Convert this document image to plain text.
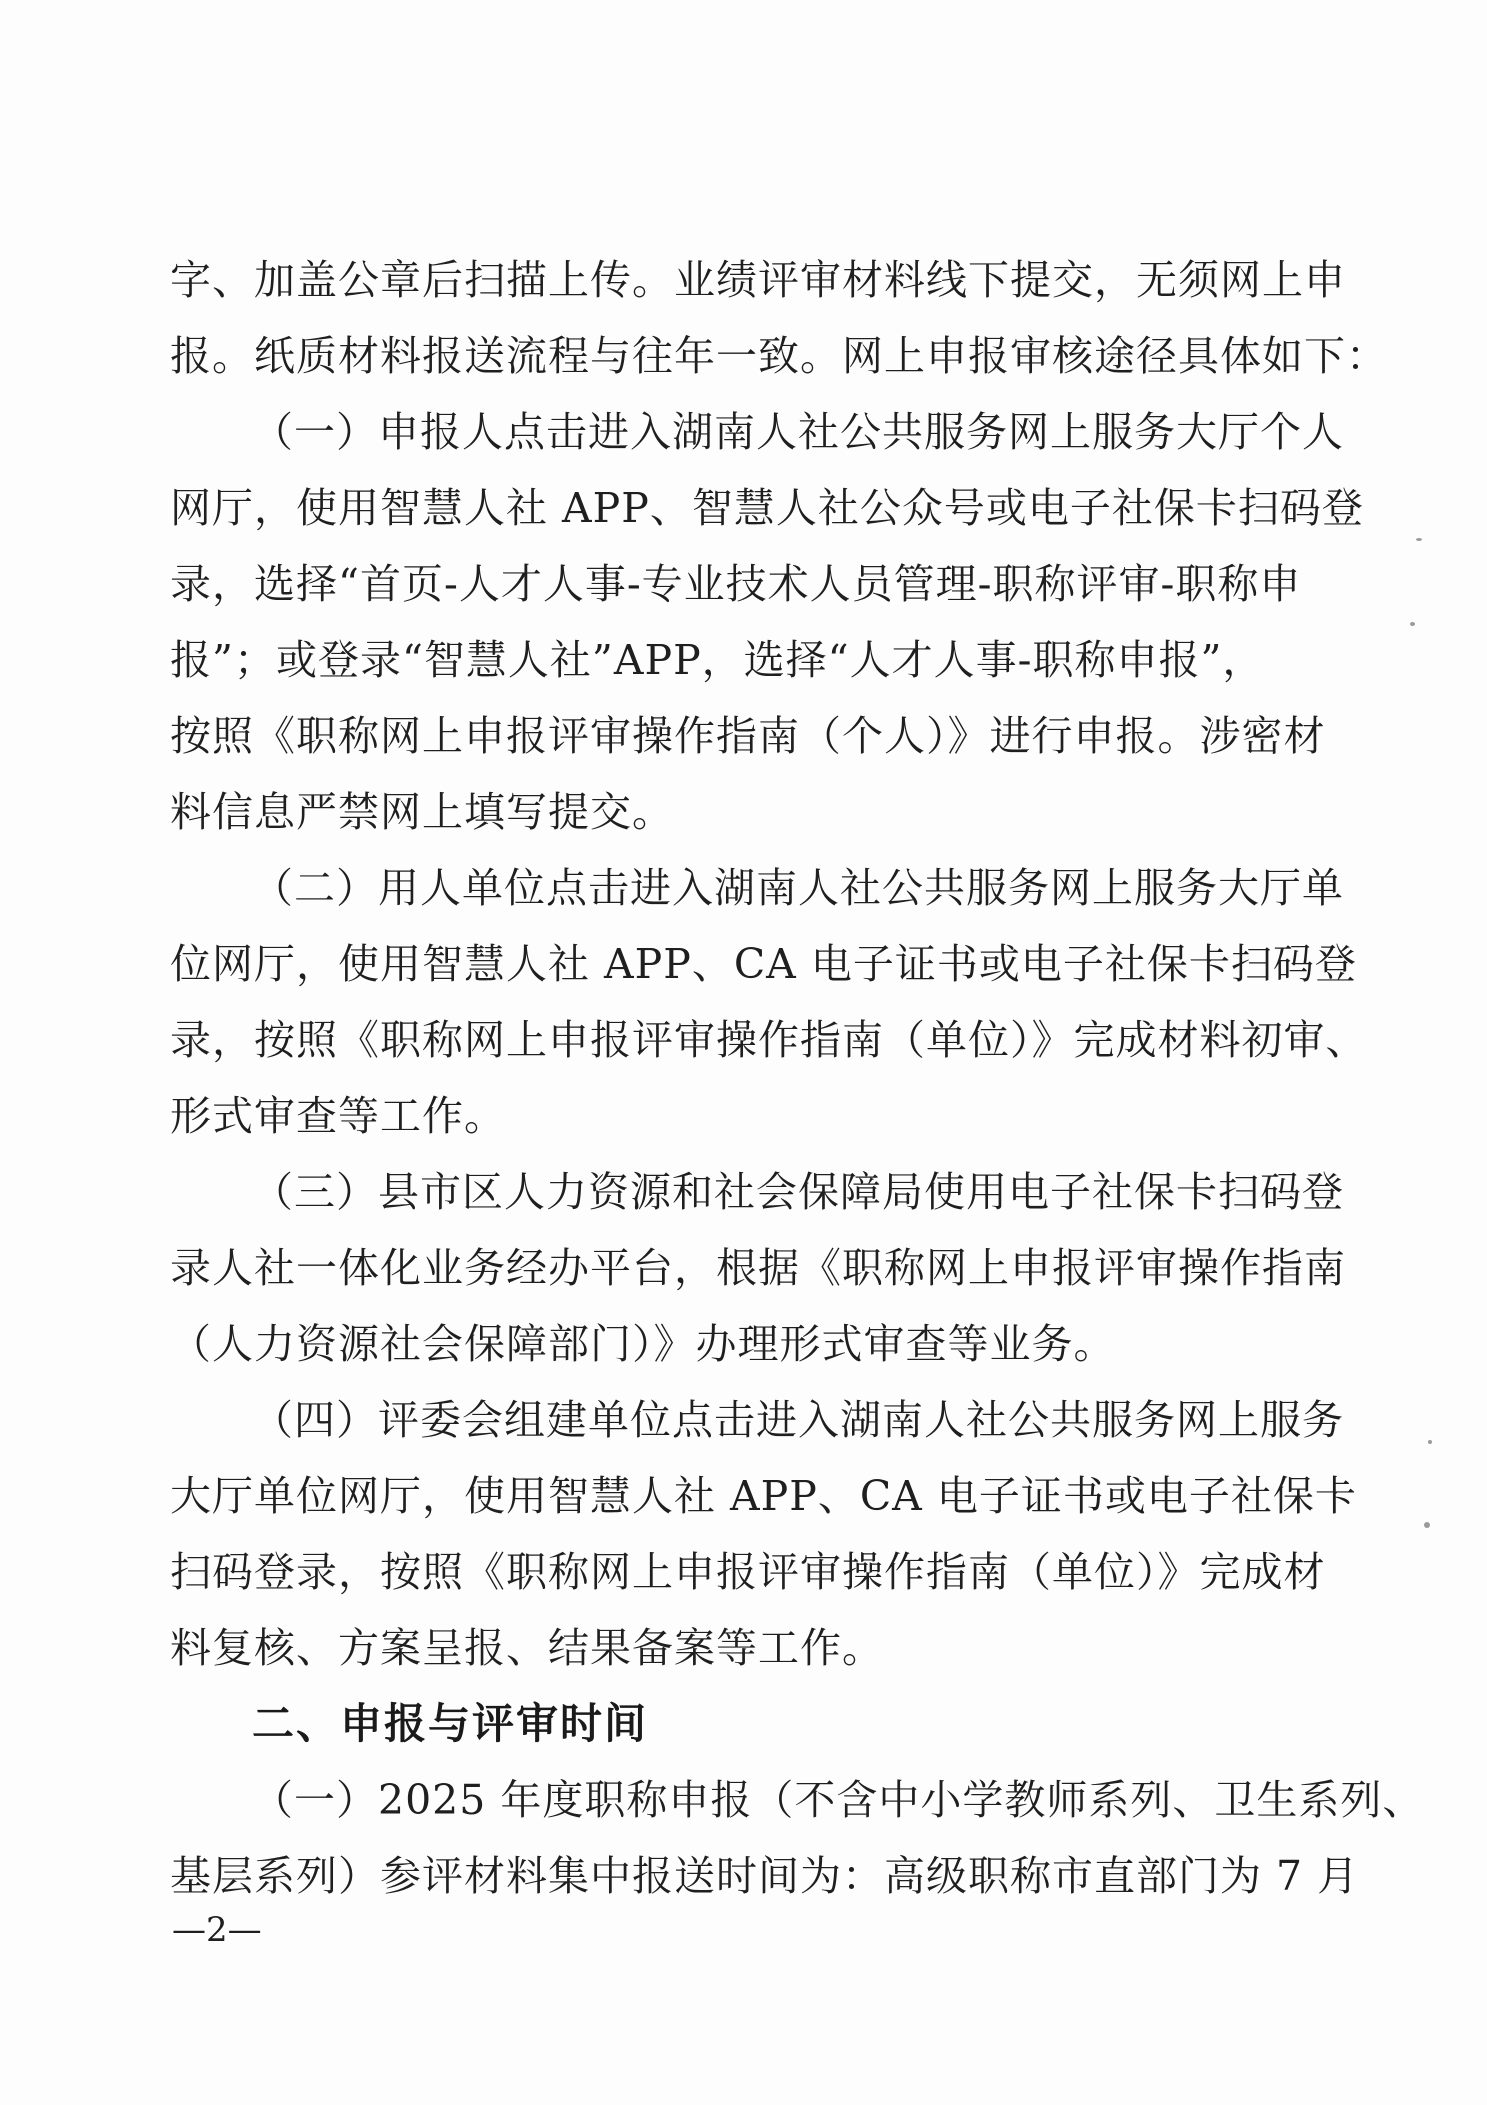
字、加盖公章后扫描上传。业绩评审材料线下提交，无须网上申
报。纸质材料报送流程与往年一致。网上申报审核途径具体如下：
（一）申报人点击进入湖南人社公共服务网上服务大厅个人
网厅，使用智慧人社 APP、智慧人社公众号或电子社保卡扫码登
录，选择“首页-人才人事-专业技术人员管理-职称评审-职称申
报”；或登录“智慧人社”APP，选择“人才人事-职称申报”，
按照《职称网上申报评审操作指南（个人）》进行申报。涉密材
料信息严禁网上填写提交。
（二）用人单位点击进入湖南人社公共服务网上服务大厅单
位网厅，使用智慧人社 APP、CA 电子证书或电子社保卡扫码登
录，按照《职称网上申报评审操作指南（单位）》完成材料初审、
形式审查等工作。
（三）县市区人力资源和社会保障局使用电子社保卡扫码登
录人社一体化业务经办平台，根据《职称网上申报评审操作指南
（人力资源社会保障部门）》办理形式审查等业务。
（四）评委会组建单位点击进入湖南人社公共服务网上服务
大厅单位网厅，使用智慧人社 APP、CA 电子证书或电子社保卡
扫码登录，按照《职称网上申报评审操作指南（单位）》完成材
料复核、方案呈报、结果备案等工作。
二、申报与评审时间
（一）2025 年度职称申报（不含中小学教师系列、卫生系列、
基层系列）参评材料集中报送时间为：高级职称市直部门为 7 月
—2—
